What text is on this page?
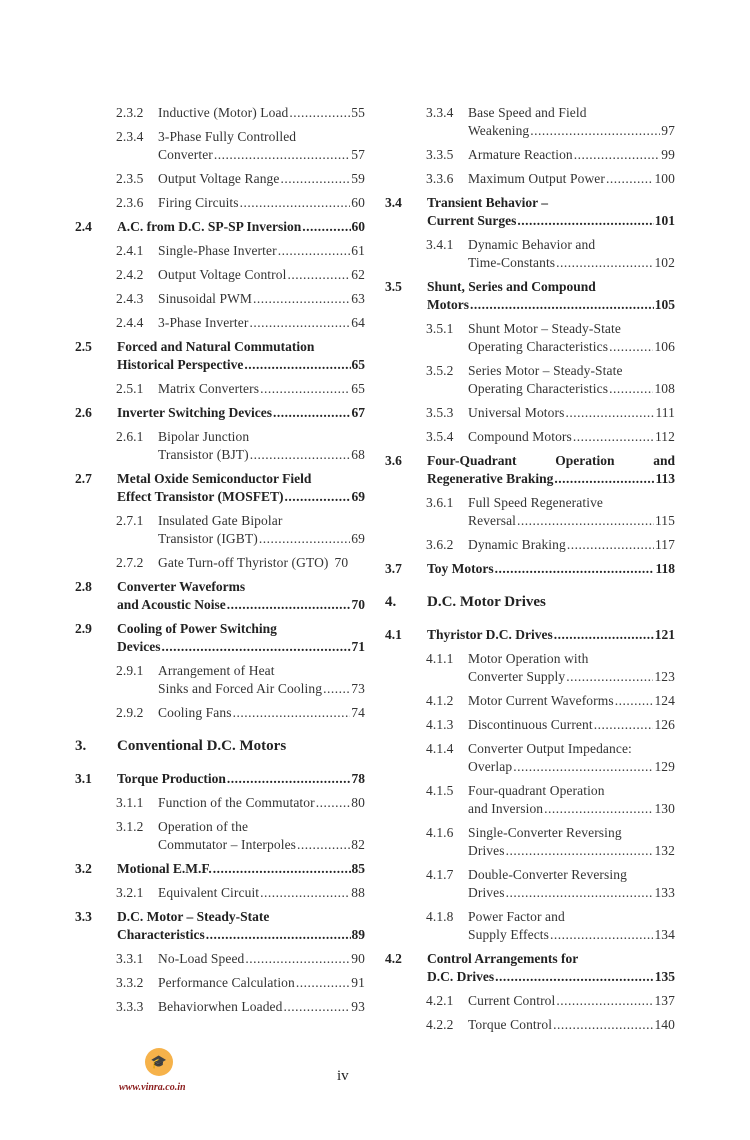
2.3.2 Inductive (Motor) Load .....	55
2.3.4 3-Phase Fully Controlled
Converter .....	57
2.3.5 Output Voltage Range .....	59
2.3.6 Firing Circuits .....	60
2.4 A.C. from D.C. SP-SP Inversion .....	60
2.4.1 Single-Phase Inverter .....	61
2.4.2 Output Voltage Control .....	62
2.4.3 Sinusoidal PWM .....	63
2.4.4 3-Phase Inverter .....	64
2.5 Forced and Natural Commutation
Historical Perspective .....	65
2.5.1 Matrix Converters .....	65
2.6 Inverter Switching Devices .....	67
2.6.1 Bipolar Junction
Transistor (BJT) .....	68
2.7 Metal Oxide Semiconductor Field
Effect Transistor (MOSFET) .....	69
2.7.1 Insulated Gate Bipolar
Transistor (IGBT) .....	69
2.7.2 Gate Turn-off Thyristor (GTO) 70
2.8 Converter Waveforms
and Acoustic Noise .....	70
2.9 Cooling of Power Switching
Devices .....	71
2.9.1 Arrangement of Heat
Sinks and Forced Air Cooling ..... 73
2.9.2 Cooling Fans .....	74
3. Conventional D.C. Motors
3.1 Torque Production .....	78
3.1.1 Function of the Commutator .....	80
3.1.2 Operation of the
Commutator – Interpoles .....	82
3.2 Motional E.M.F. .....	85
3.2.1 Equivalent Circuit .....	88
3.3 D.C. Motor – Steady-State
Characteristics .....	89
3.3.1 No-Load Speed .....	90
3.3.2 Performance Calculation .....	91
3.3.3 Behaviorwhen Loaded .....	93
3.3.4 Base Speed and Field
Weakening .....	97
3.3.5 Armature Reaction .....	99
3.3.6 Maximum Output Power .....	100
3.4 Transient Behavior –
Current Surges .....	101
3.4.1 Dynamic Behavior and
Time-Constants .....	102
3.5 Shunt, Series and Compound
Motors .....	105
3.5.1 Shunt Motor – Steady-State
Operating Characteristics .....	106
3.5.2 Series Motor – Steady-State
Operating Characteristics .....	108
3.5.3 Universal Motors .....	111
3.5.4 Compound Motors .....	112
3.6 Four-Quadrant	Operation	and
Regenerative Braking .....	113
3.6.1 Full Speed Regenerative
Reversal .....	115
3.6.2 Dynamic Braking .....	117
3.7 Toy Motors .....	118
4. D.C. Motor Drives
4.1 Thyristor D.C. Drives .....	121
4.1.1 Motor Operation with
Converter Supply .....	123
4.1.2 Motor Current Waveforms .....	124
4.1.3 Discontinuous Current .....	126
4.1.4 Converter Output Impedance:
Overlap .....	129
4.1.5 Four-quadrant Operation
and Inversion .....	130
4.1.6 Single-Converter Reversing
Drives .....	132
4.1.7 Double-Converter Reversing
Drives .....	133
4.1.8 Power Factor and
Supply Effects .....	134
4.2 Control Arrangements for
D.C. Drives .....	135
4.2.1 Current Control .....	137
4.2.2 Torque Control .....	140
🎓
www.vinra.co.in
iv
